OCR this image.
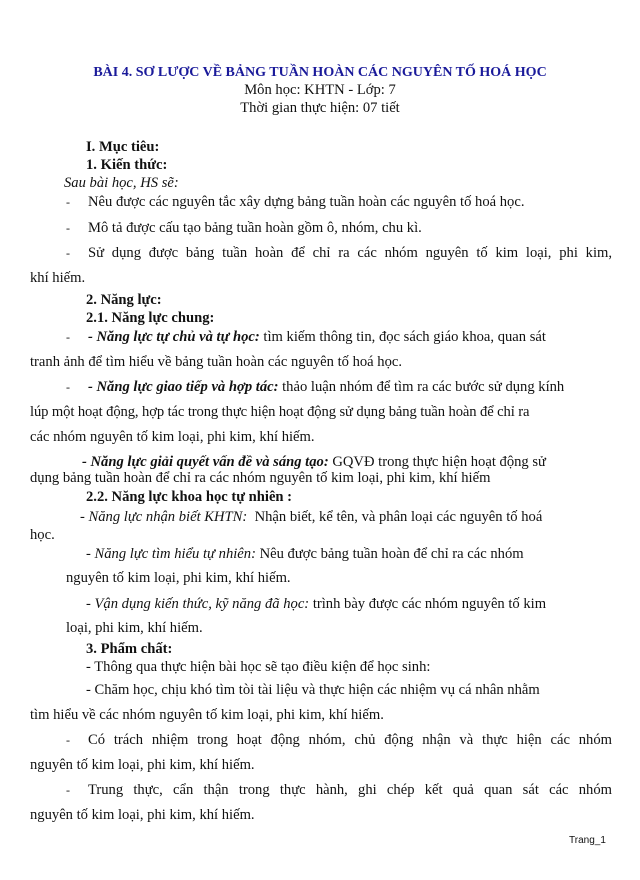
BÀI 4. SƠ LƯỢC VỀ BẢNG TUẦN HOÀN CÁC NGUYÊN TỐ HOÁ HỌC
Môn học: KHTN - Lớp: 7
Thời gian thực hiện: 07 tiết
I. Mục tiêu:
1. Kiến thức:
Sau bài học, HS sẽ:
- Nêu được các nguyên tắc xây dựng bảng tuần hoàn các nguyên tố hoá học.
- Mô tả được cấu tạo bảng tuần hoàn gồm ô, nhóm, chu kì.
- Sử dụng được bảng tuần hoàn để chỉ ra các nhóm nguyên tố kim loại, phi kim,
khí hiếm.
2. Năng lực:
2.1. Năng lực chung:
- - Năng lực tự chủ và tự học: tìm kiếm thông tin, đọc sách giáo khoa, quan sát
tranh ảnh để tìm hiểu về bảng tuần hoàn các nguyên tố hoá học.
- - Năng lực giao tiếp và hợp tác: thảo luận nhóm để tìm ra các bước sử dụng kính
lúp một hoạt động, hợp tác trong thực hiện hoạt động sử dụng bảng tuần hoàn để chỉ ra
các nhóm nguyên tố kim loại, phi kim, khí hiếm.
- Năng lực giải quyết vấn đề và sáng tạo: GQVĐ trong thực hiện hoạt động sử
dụng bảng tuần hoàn để chỉ ra các nhóm nguyên tố kim loại, phi kim, khí hiếm
2.2. Năng lực khoa học tự nhiên :
- Năng lực nhận biết KHTN: Nhận biết, kể tên, và phân loại các nguyên tố hoá
học.
- Năng lực tìm hiểu tự nhiên: Nêu được bảng tuần hoàn để chỉ ra các nhóm
nguyên tố kim loại, phi kim, khí hiếm.
- Vận dụng kiến thức, kỹ năng đã học: trình bày được các nhóm nguyên tố kim
loại, phi kim, khí hiếm.
3. Phẩm chất:
- Thông qua thực hiện bài học sẽ tạo điều kiện để học sinh:
- Chăm học, chịu khó tìm tòi tài liệu và thực hiện các nhiệm vụ cá nhân nhằm
tìm hiểu về các nhóm nguyên tố kim loại, phi kim, khí hiếm.
- Có trách nhiệm trong hoạt động nhóm, chủ động nhận và thực hiện các nhóm
nguyên tố kim loại, phi kim, khí hiếm.
- Trung thực, cẩn thận trong thực hành, ghi chép kết quả quan sát các nhóm
nguyên tố kim loại, phi kim, khí hiếm.
Trang_1
